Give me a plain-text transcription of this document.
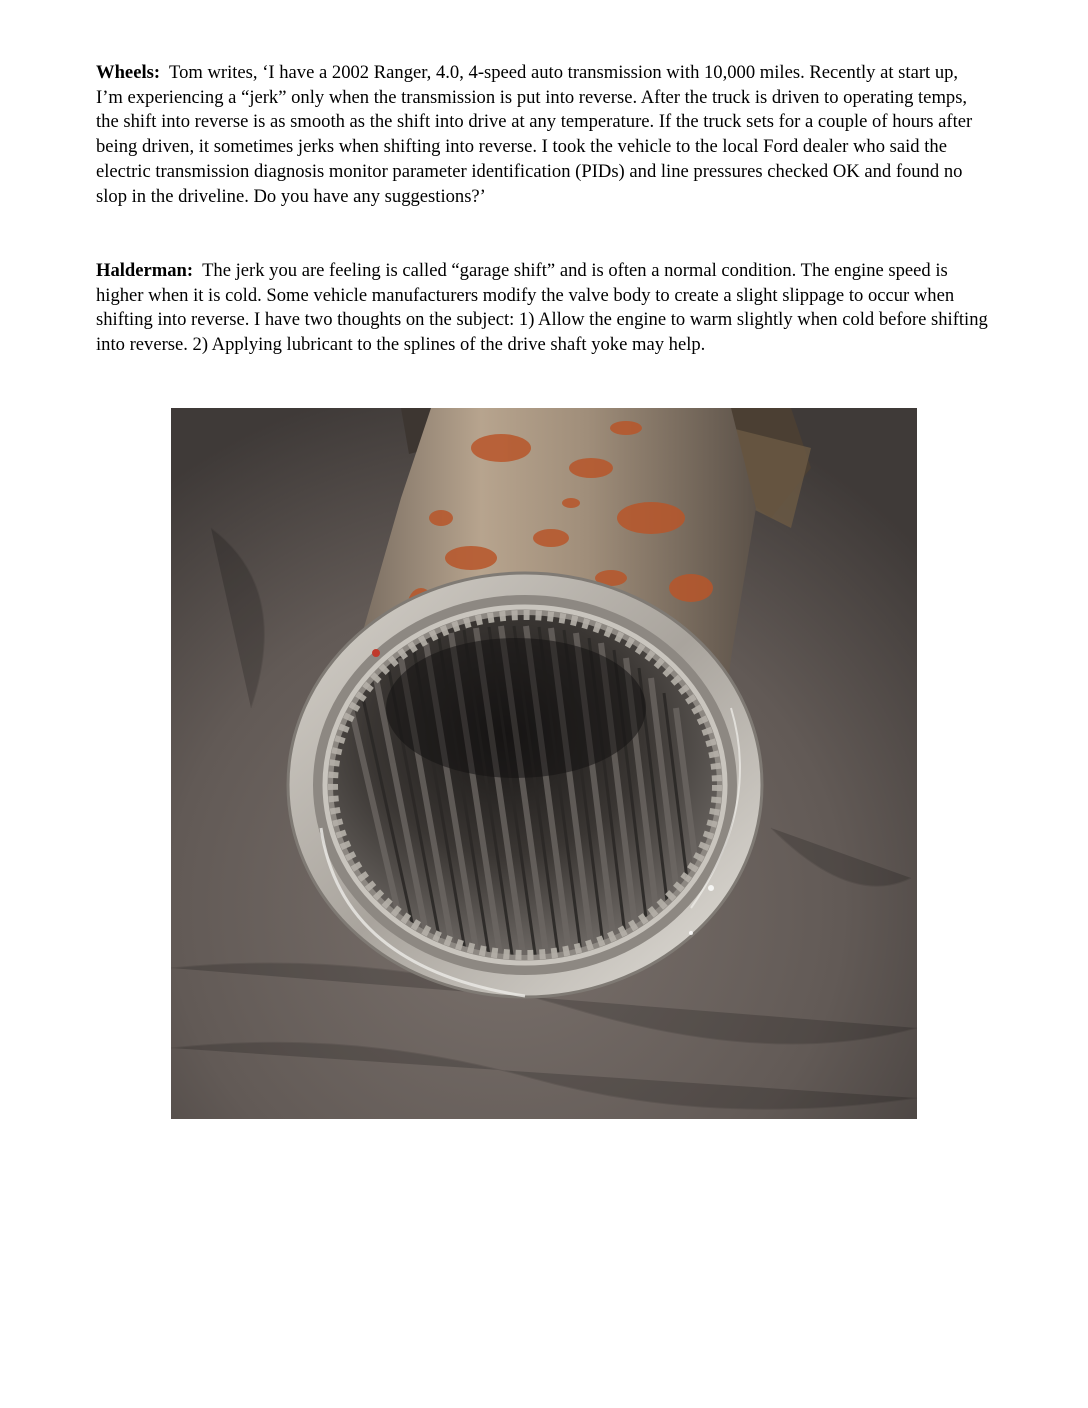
Wheels: Tom writes, ‘I have a 2002 Ranger, 4.0, 4-speed auto transmission with 10,000 miles. Recently at start up, I’m experiencing a “jerk” only when the transmission is put into reverse. After the truck is driven to operating temps, the shift into reverse is as smooth as the shift into drive at any temperature. If the truck sets for a couple of hours after being driven, it sometimes jerks when shifting into reverse. I took the vehicle to the local Ford dealer who said the electric transmission diagnosis monitor parameter identification (PIDs) and line pressures checked OK and found no slop in the driveline. Do you have any suggestions?’

Halderman: The jerk you are feeling is called “garage shift” and is often a normal condition. The engine speed is higher when it is cold. Some vehicle manufacturers modify the valve body to create a slight slippage to occur when shifting into reverse. I have two thoughts on the subject: 1) Allow the engine to warm slightly when cold before shifting into reverse. 2) Applying lubricant to the splines of the drive shaft yoke may help.
